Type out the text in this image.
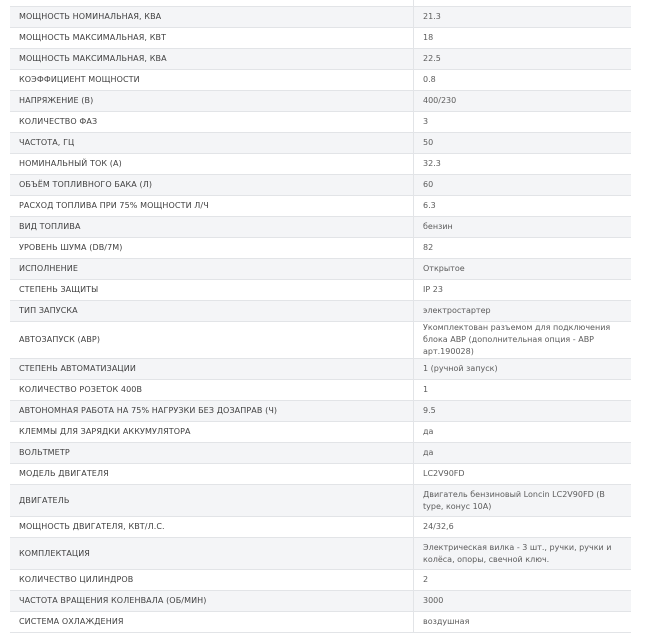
МОЩНОСТЬ НОМИНАЛЬНАЯ, КВА	21.3
МОЩНОСТЬ МАКСИМАЛЬНАЯ, КВТ	18
МОЩНОСТЬ МАКСИМАЛЬНАЯ, КВА	22.5
КОЭФФИЦИЕНТ МОЩНОСТИ	0.8
НАПРЯЖЕНИЕ (В)	400/230
КОЛИЧЕСТВО ФАЗ	3
ЧАСТОТА, ГЦ	50
НОМИНАЛЬНЫЙ ТОК (А)	32.3
ОБЪЁМ ТОПЛИВНОГО БАКА (Л)	60
РАСХОД ТОПЛИВА ПРИ 75% МОЩНОСТИ Л/Ч	6.3
ВИД ТОПЛИВА	бензин
УРОВЕНЬ ШУМА (DB/7М)	82
ИСПОЛНЕНИЕ	Открытое
СТЕПЕНЬ ЗАЩИТЫ	IP 23
ТИП ЗАПУСКА	электростартер
АВТОЗАПУСК (АВР)	Укомплектован разъемом для подключения блока АВР (дополнительная опция - АВР арт.190028)
СТЕПЕНЬ АВТОМАТИЗАЦИИ	1 (ручной запуск)
КОЛИЧЕСТВО РОЗЕТОК 400В	1
АВТОНОМНАЯ РАБОТА НА 75% НАГРУЗКИ БЕЗ ДОЗАПРАВ (Ч)	9.5
КЛЕММЫ ДЛЯ ЗАРЯДКИ АККУМУЛЯТОРА	да
ВОЛЬТМЕТР	да
МОДЕЛЬ ДВИГАТЕЛЯ	LC2V90FD
ДВИГАТЕЛЬ	Двигатель бензиновый Loncin LC2V90FD (B type, конус 10A)
МОЩНОСТЬ ДВИГАТЕЛЯ, КВТ/Л.С.	24/32,6
КОМПЛЕКТАЦИЯ	Электрическая вилка - 3 шт., ручки, ручки и колёса, опоры, свечной ключ.
КОЛИЧЕСТВО ЦИЛИНДРОВ	2
ЧАСТОТА ВРАЩЕНИЯ КОЛЕНВАЛА (ОБ/МИН)	3000
СИСТЕМА ОХЛАЖДЕНИЯ	воздушная
